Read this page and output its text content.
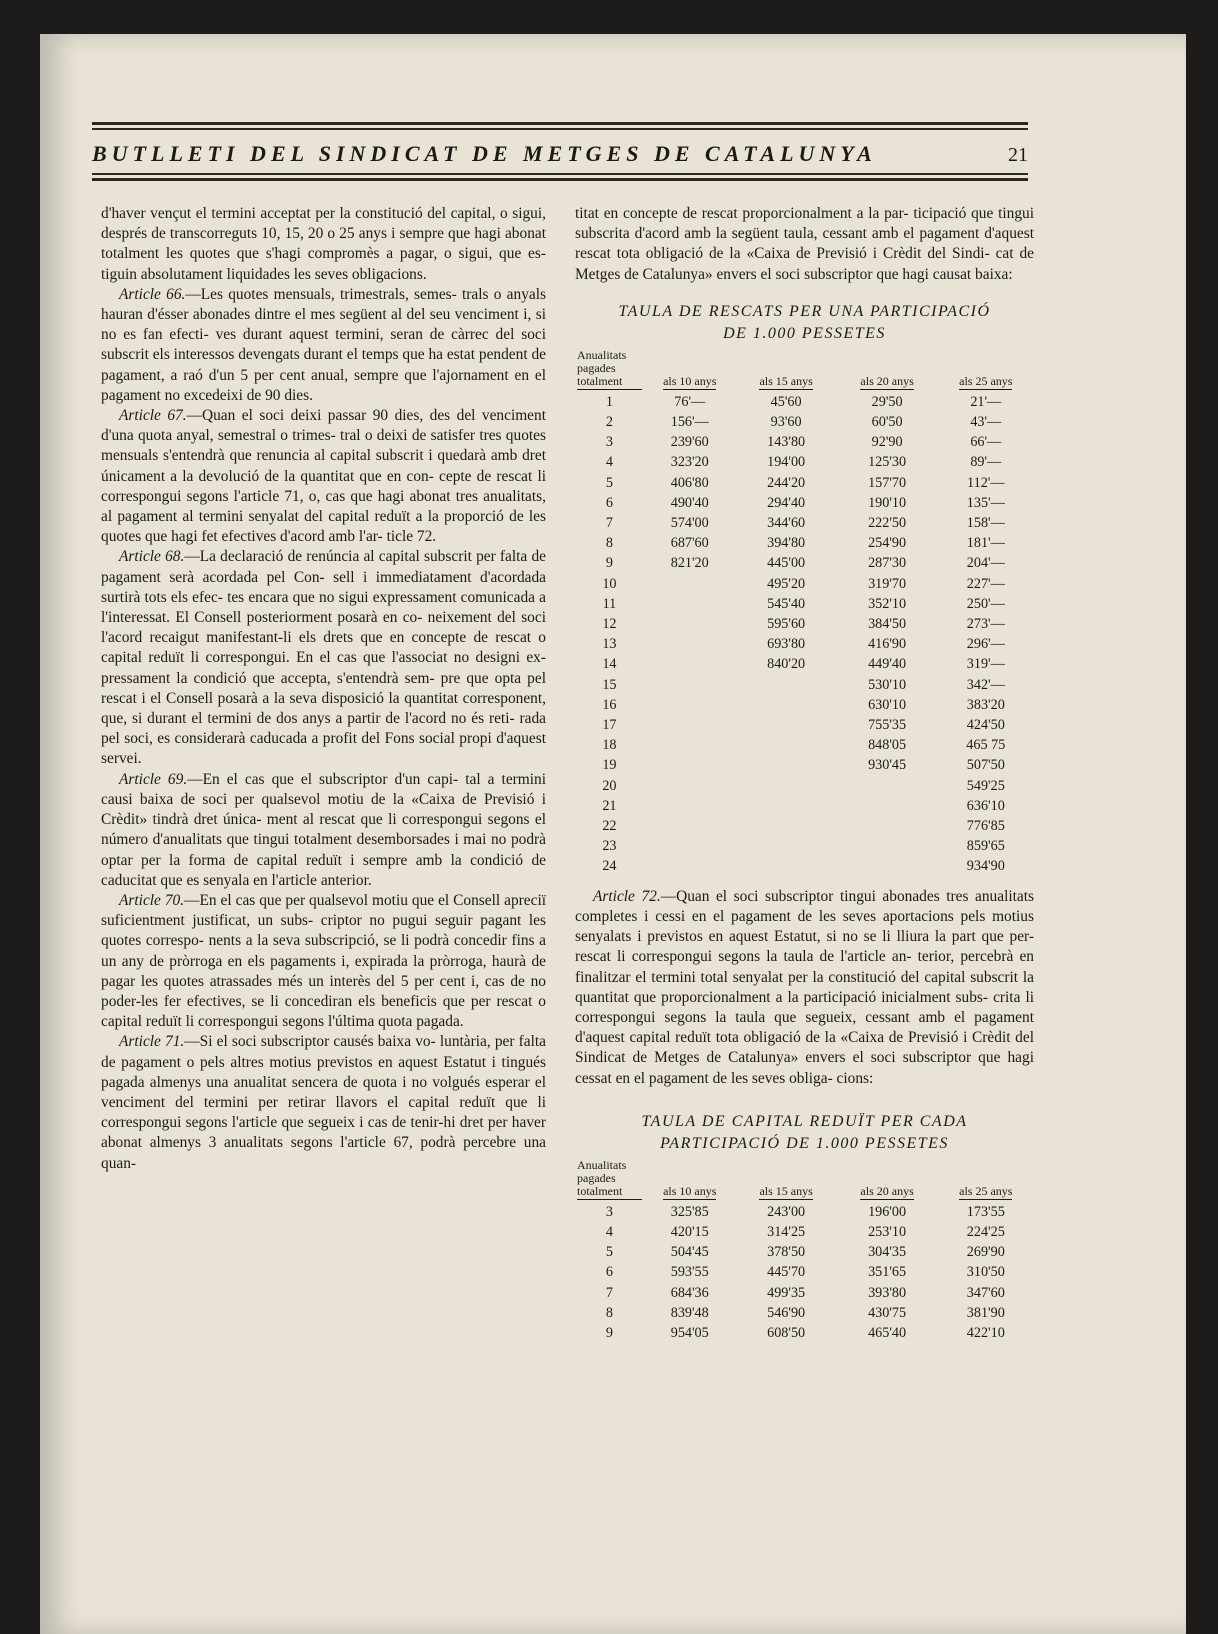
BUTLLETI DEL SINDICAT DE METGES DE CATALUNYA	21

d'haver vençut el termini acceptat per la constitució del capital, o sigui, després de transcorreguts 10, 15, 20 o 25 anys i sempre que hagi abonat totalment les quotes que s'hagi compromès a pagar, o sigui, que es- tiguin absolutament liquidades les seves obligacions.

Article 66.—Les quotes mensuals, trimestrals, semes- trals o anyals hauran d'ésser abonades dintre el mes següent al del seu venciment i, si no es fan efecti- ves durant aquest termini, seran de càrrec del soci subscrit els interessos devengats durant el temps que ha estat pendent de pagament, a raó d'un 5 per cent anual, sempre que l'ajornament en el pagament no excedeixi de 90 dies.

Article 67.—Quan el soci deixi passar 90 dies, des del venciment d'una quota anyal, semestral o trimes- tral o deixi de satisfer tres quotes mensuals s'entendrà que renuncia al capital subscrit i quedarà amb dret únicament a la devolució de la quantitat que en con- cepte de rescat li correspongui segons l'article 71, o, cas que hagi abonat tres anualitats, al pagament al termini senyalat del capital reduït a la proporció de les quotes que hagi fet efectives d'acord amb l'ar- ticle 72.

Article 68.—La declaració de renúncia al capital subscrit per falta de pagament serà acordada pel Con- sell i immediatament d'acordada surtirà tots els efec- tes encara que no sigui expressament comunicada a l'interessat. El Consell posteriorment posarà en co- neixement del soci l'acord recaigut manifestant-li els drets que en concepte de rescat o capital reduït li correspongui. En el cas que l'associat no designi ex- pressament la condició que accepta, s'entendrà sem- pre que opta pel rescat i el Consell posarà a la seva disposició la quantitat corresponent, que, si durant el termini de dos anys a partir de l'acord no és reti- rada pel soci, es considerarà caducada a profit del Fons social propi d'aquest servei.

Article 69.—En el cas que el subscriptor d'un capi- tal a termini causi baixa de soci per qualsevol motiu de la «Caixa de Previsió i Crèdit» tindrà dret única- ment al rescat que li correspongui segons el número d'anualitats que tingui totalment desemborsades i mai no podrà optar per la forma de capital reduït i sempre amb la condició de caducitat que es senyala en l'article anterior.

Article 70.—En el cas que per qualsevol motiu que el Consell apreciï suficientment justificat, un subs- criptor no pugui seguir pagant les quotes correspo- nents a la seva subscripció, se li podrà concedir fins a un any de pròrroga en els pagaments i, expirada la pròrroga, haurà de pagar les quotes atrassades més un interès del 5 per cent i, cas de no poder-les fer efectives, se li concediran els beneficis que per rescat o capital reduït li correspongui segons l'última quota pagada.

Article 71.—Si el soci subscriptor causés baixa vo- luntària, per falta de pagament o pels altres motius previstos en aquest Estatut i tingués pagada almenys una anualitat sencera de quota i no volgués esperar el venciment del termini per retirar llavors el capital reduït que li correspongui segons l'article que segueix i cas de tenir-hi dret per haver abonat almenys 3 anualitats segons l'article 67, podrà percebre una quan-

titat en concepte de rescat proporcionalment a la par- ticipació que tingui subscrita d'acord amb la següent taula, cessant amb el pagament d'aquest rescat tota obligació de la «Caixa de Previsió i Crèdit del Sindi- cat de Metges de Catalunya» envers el soci subscriptor que hagi causat baixa:

TAULA DE RESCATS PER UNA PARTICIPACIÓ
DE 1.000 PESSETES
Anualitats pagades totalment	als 10 anys	als 15 anys	als 20 anys	als 25 anys
1	76'—	45'60	29'50	21'—
2	156'—	93'60	60'50	43'—
3	239'60	143'80	92'90	66'—
4	323'20	194'00	125'30	89'—
5	406'80	244'20	157'70	112'—
6	490'40	294'40	190'10	135'—
7	574'00	344'60	222'50	158'—
8	687'60	394'80	254'90	181'—
9	821'20	445'00	287'30	204'—
10		495'20	319'70	227'—
11		545'40	352'10	250'—
12		595'60	384'50	273'—
13		693'80	416'90	296'—
14		840'20	449'40	319'—
15			530'10	342'—
16			630'10	383'20
17			755'35	424'50
18			848'05	465 75
19			930'45	507'50
20				549'25
21				636'10
22				776'85
23				859'65
24				934'90

Article 72.—Quan el soci subscriptor tingui abonades tres anualitats completes i cessi en el pagament de les seves aportacions pels motius senyalats i previstos en aquest Estatut, si no se li lliura la part que per- rescat li correspongui segons la taula de l'article an- terior, percebrà en finalitzar el termini total senyalat per la constitució del capital subscrit la quantitat que proporcionalment a la participació inicialment subs- crita li correspongui segons la taula que segueix, cessant amb el pagament d'aquest capital reduït tota obligació de la «Caixa de Previsió i Crèdit del Sindicat de Metges de Catalunya» envers el soci subscriptor que hagi cessat en el pagament de les seves obliga- cions:

TAULA DE CAPITAL REDUÏT PER CADA
PARTICIPACIÓ DE 1.000 PESSETES
Anualitats pagades totalment	als 10 anys	als 15 anys	als 20 anys	als 25 anys
3	325'85	243'00	196'00	173'55
4	420'15	314'25	253'10	224'25
5	504'45	378'50	304'35	269'90
6	593'55	445'70	351'65	310'50
7	684'36	499'35	393'80	347'60
8	839'48	546'90	430'75	381'90
9	954'05	608'50	465'40	422'10
